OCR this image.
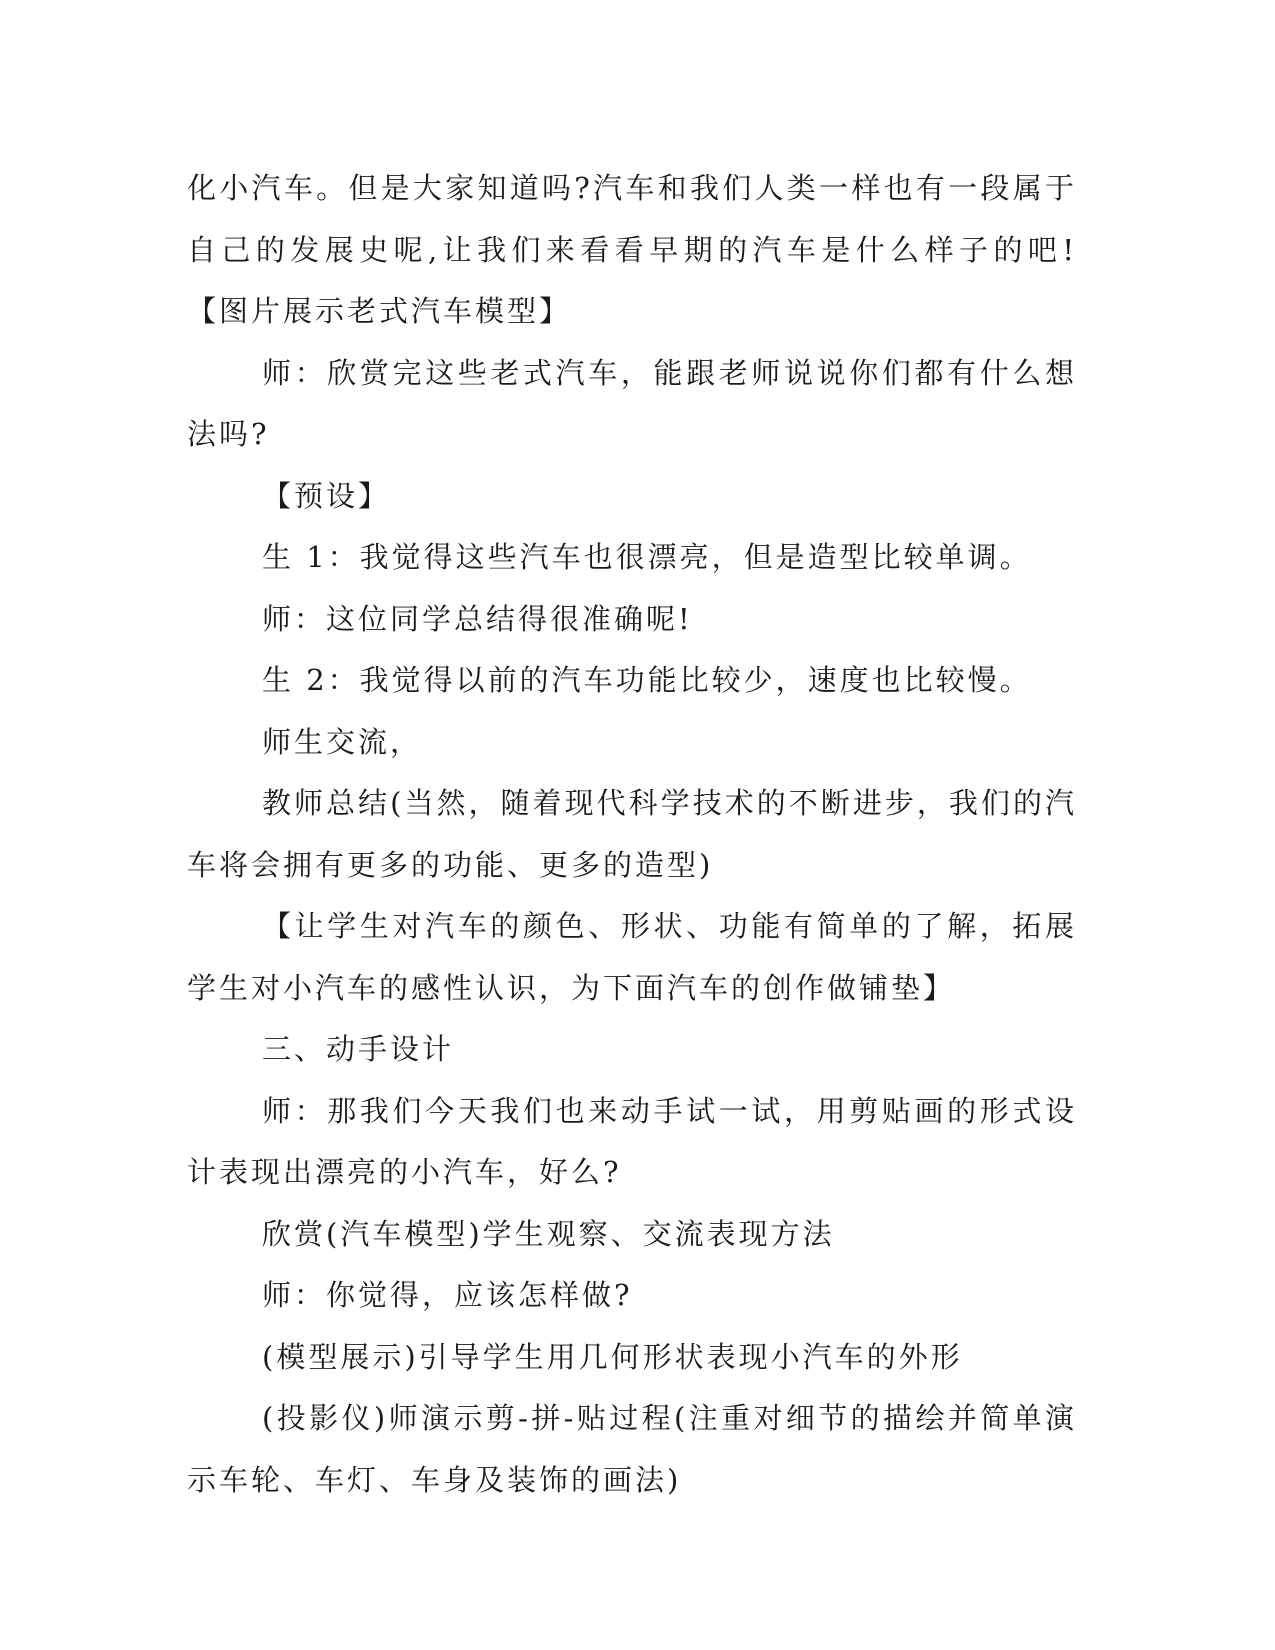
化小汽车。但是大家知道吗?汽车和我们人类一样也有一段属于自己的发展史呢,让我们来看看早期的汽车是什么样子的吧!【图片展示老式汽车模型】

师：欣赏完这些老式汽车，能跟老师说说你们都有什么想法吗?

【预设】

生 1：我觉得这些汽车也很漂亮，但是造型比较单调。

师：这位同学总结得很准确呢!

生 2：我觉得以前的汽车功能比较少，速度也比较慢。

师生交流，

教师总结(当然，随着现代科学技术的不断进步，我们的汽车将会拥有更多的功能、更多的造型)

【让学生对汽车的颜色、形状、功能有简单的了解，拓展学生对小汽车的感性认识，为下面汽车的创作做铺垫】

三、动手设计

师：那我们今天我们也来动手试一试，用剪贴画的形式设计表现出漂亮的小汽车，好么?

欣赏(汽车模型)学生观察、交流表现方法

师：你觉得，应该怎样做?

(模型展示)引导学生用几何形状表现小汽车的外形

(投影仪)师演示剪-拼-贴过程(注重对细节的描绘并简单演示车轮、车灯、车身及装饰的画法)
